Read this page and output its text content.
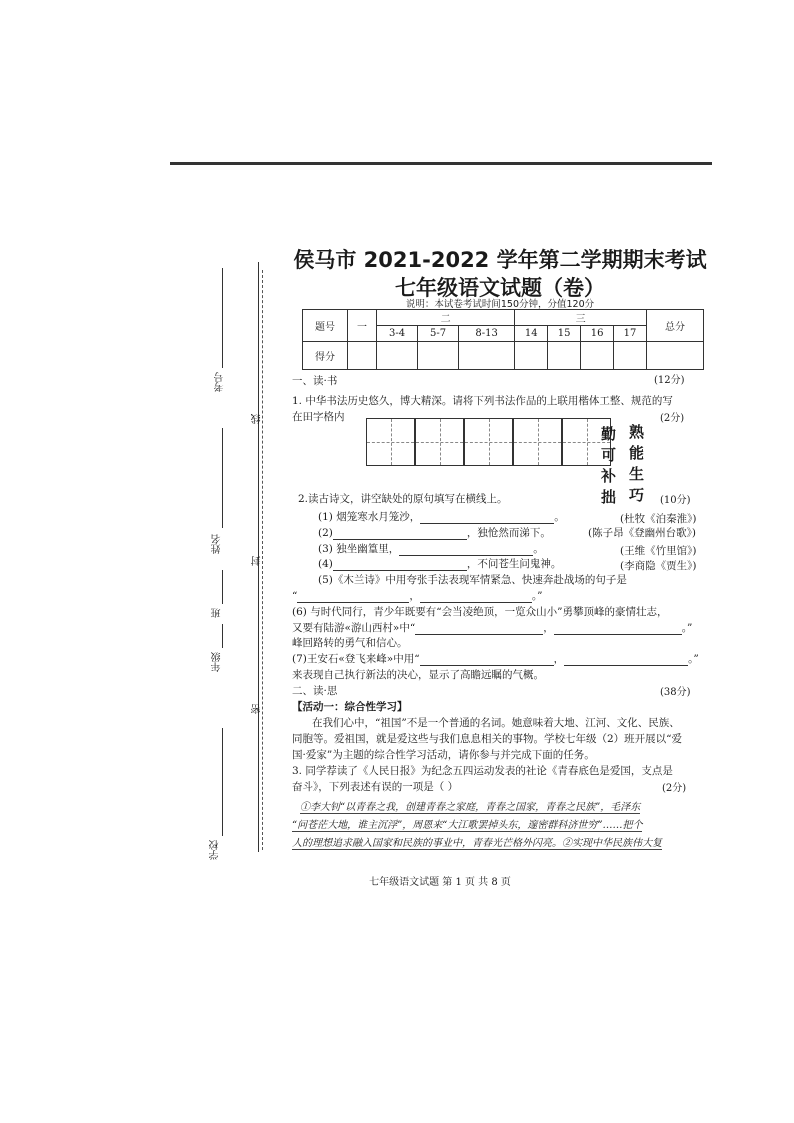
考号
线
姓名
封
班
年级
密
学校
侯马市 2021-2022 学年第二学期期末考试
七年级语文试题（卷）
说明：本试卷考试时间150分钟，分值120分
题号	一	二			三				总分
		3-4	5-7	8-13	14	15	16	17	
得分									
一、读·书	(12分)
1. 中华书法历史悠久，博大精深。请将下列书法作品的上联用楷体工整、规范的写
在田字格内	(2分)
熟能生巧
勤可补拙
2.读古诗文，讲空缺处的原句填写在横线上。	(10分)
(1) 烟笼寒水月笼沙，	。	(杜牧《泊秦淮》)
(2)	，独怆然而涕下。	(陈子昂《登幽州台歌》)
(3) 独坐幽篁里，	。	(王维《竹里馆》)
(4)	，不问苍生问鬼神。	(李商隐《贾生》)
(5)《木兰诗》中用夸张手法表现军情紧急、快速奔赴战场的句子是
“	，	。”
(6) 与时代同行，青少年既要有“会当凌绝顶，一览众山小”勇攀顶峰的豪情壮志，
又要有陆游«游山西村»中“	，	。”
峰回路转的勇气和信心。
(7)王安石«登飞来峰»中用“	，	。”
来表现自己执行新法的决心，显示了高瞻远瞩的气概。
二、读·思	(38分)
【活动一：综合性学习】
在我们心中，“祖国”不是一个普通的名词。她意味着大地、江河、文化、民族、
同胞等。爱祖国，就是爱这些与我们息息相关的事物。学校七年级（2）班开展以“爱
国·爱家”为主题的综合性学习活动，请你参与并完成下面的任务。
3. 同学荐读了《人民日报》为纪念五四运动发表的社论《青春底色是爱国，支点是
奋斗》，下列表述有误的一项是（ ）	(2分)
①李大钊“以青春之我，创建青春之家庭，青春之国家，青春之民族”，毛泽东
“问苍茫大地，谁主沉浮”，周恩来“大江歌罢掉头东，邃密群科济世穷”……把个
人的理想追求融入国家和民族的事业中，青春光芒格外闪亮。②实现中华民族伟大复
七年级语文试题 第 1 页 共 8 页
